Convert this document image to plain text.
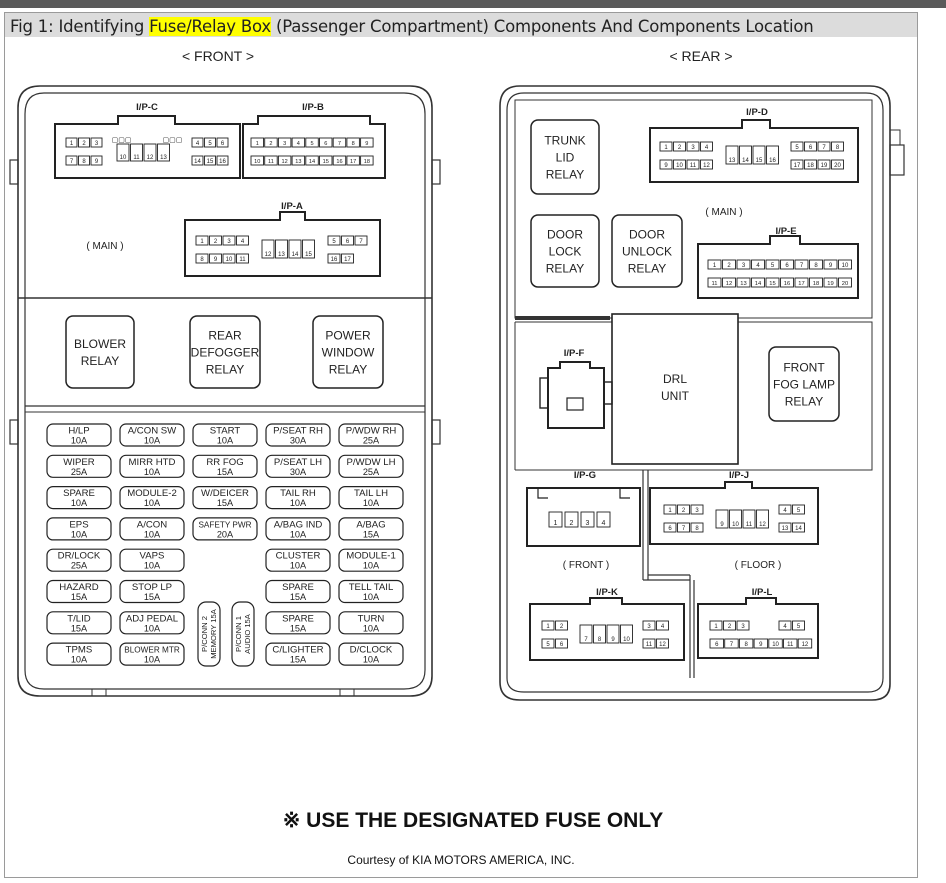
Fig 1: Identifying Fuse/Relay Box (Passenger Compartment) Components And Components Location
< FRONT >
( MAIN )
I/P-C
▢▢▢                ▢▢▢
I/P-B
I/P-A
< REAR >
( MAIN )
( FRONT )	( FLOOR )
DRL
UNIT
I/P-F
I/P-D
I/P-E
I/P-G	I/P-J
I/P-K	I/P-L
1 2 3	4 5 6
7 8 9
10 11 12 13
14 15 16
1 2 3 4 5 6 7 8 9
10 11 12 13 14 15 16 17 18
1 2 3 4	5 6 7
8 9 10 11
12 13 14 15
16 17
1 2 3 4	5 6 7 8
9 10 11 12
13 14 15 16
17 18 19 20
1 2 3 4 5 6 7 8 9 10
11 12 13 14 15 16 17 18 19 20
1 2 3 4
1 2 3	4 5
6 7 8
9 10 11 12
13 14
1 2	3 4
5 6
7 8 9 10
11 12
1 2 3	4 5
6 7 8 9 10 11 12
BLOWER
RELAY
REAR
DEFOGGER
RELAY
POWER
WINDOW
RELAY
TRUNK
LID
RELAY
DOOR
LOCK
RELAY
DOOR
UNLOCK
RELAY
FRONT
FOG LAMP
RELAY
H/LP
10A
A/CON SW
10A
START
10A
P/SEAT RH
30A
P/WDW RH
25A
WIPER
25A
MIRR HTD
10A
RR FOG
15A
P/SEAT LH
30A
P/WDW LH
25A
SPARE
10A
MODULE-2
10A
W/DEICER
15A
TAIL RH
10A
TAIL LH
10A
EPS
10A
A/CON
10A
SAFETY PWR
20A
A/BAG IND
10A
A/BAG
15A
DR/LOCK
25A
VAPS
10A
CLUSTER
10A
MODULE-1
10A
HAZARD
15A
STOP LP
15A
SPARE
15A
TELL TAIL
10A
T/LID
15A
ADJ PEDAL
10A
SPARE
15A
TURN
10A
TPMS
10A
BLOWER MTR
10A
C/LIGHTER
15A
D/CLOCK
10A
P/CONN 2 MEMORY 15A P/CONN 1 AUDIO 15A
※ USE THE DESIGNATED FUSE ONLY
Courtesy of KIA MOTORS AMERICA, INC.
